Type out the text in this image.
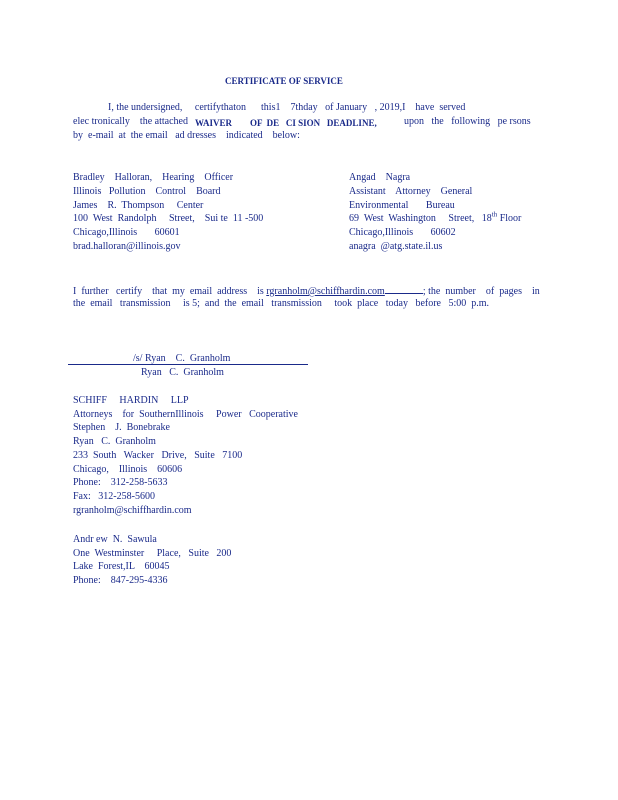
CERTIFICATE OF SERVICE
I, the undersigned,     certifythaton      this1    7thday   of January   , 2019,I    have  served
elec tronically    the attached WAIVER        OF  DE   CI SION   DEADLINE,	upon   the   following   pe rsons
by  e-mail  at  the email   ad dresses    indicated    below:
Bradley    Halloran,    Hearing    Officer
Illinois   Pollution    Control    Board
James    R.  Thompson     Center
100  West  Randolph     Street,    Sui te  11 -500
Chicago,Illinois       60601
brad.halloran@illinois.gov
Angad    Nagra
Assistant    Attorney    General
Environmental       Bureau
69  West  Washington     Street,   18th Floor
Chicago,Illinois       60602
anagra  @atg.state.il.us
I  further   certify    that  my  email  address    is rgranholm@schiffhardin.com	; the  number    of  pages    in
the  email   transmission     is 5;  and  the  email   transmission     took  place   today   before   5:00  p.m.
/s/ Ryan    C.  Granholm
Ryan   C.  Granholm
SCHIFF     HARDIN     LLP
Attorneys    for  SouthernIllinois     Power   Cooperative
Stephen    J.  Bonebrake
Ryan   C.  Granholm
233  South   Wacker   Drive,   Suite   7100
Chicago,    Illinois    60606
Phone:    312-258-5633
Fax:   312-258-5600
rgranholm@schiffhardin.com
Andr ew  N.  Sawula
One  Westminster     Place,   Suite   200
Lake  Forest,IL    60045
Phone:    847-295-4336
